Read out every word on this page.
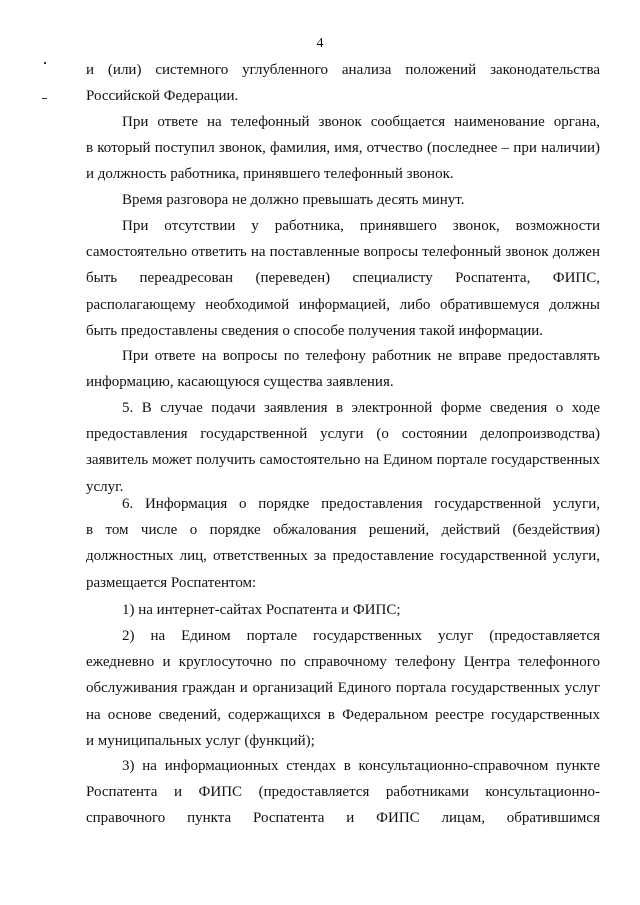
4
и (или) системного углубленного анализа положений законодательства
Российской Федерации.
При ответе на телефонный звонок сообщается наименование органа,
в который поступил звонок, фамилия, имя, отчество (последнее – при наличии)
и должность работника, принявшего телефонный звонок.
Время разговора не должно превышать десять минут.
При отсутствии у работника, принявшего звонок, возможности
самостоятельно ответить на поставленные вопросы телефонный звонок должен
быть переадресован (переведен) специалисту Роспатента, ФИПС,
располагающему необходимой информацией, либо обратившемуся должны
быть предоставлены сведения о способе получения такой информации.
При ответе на вопросы по телефону работник не вправе предоставлять
информацию, касающуюся существа заявления.
5. В случае подачи заявления в электронной форме сведения о ходе
предоставления государственной услуги (о состоянии делопроизводства)
заявитель может получить самостоятельно на Едином портале государственных
услуг.
6. Информация о порядке предоставления государственной услуги,
в том числе о порядке обжалования решений, действий (бездействия)
должностных лиц, ответственных за предоставление государственной услуги,
размещается Роспатентом:
1) на интернет-сайтах Роспатента и ФИПС;
2) на Едином портале государственных услуг (предоставляется
ежедневно и круглосуточно по справочному телефону Центра телефонного
обслуживания граждан и организаций Единого портала государственных услуг
на основе сведений, содержащихся в Федеральном реестре государственных
и муниципальных услуг (функций);
3) на информационных стендах в консультационно-справочном пункте
Роспатента и ФИПС (предоставляется работниками консультационно-
справочного пункта Роспатента и ФИПС лицам, обратившимся
